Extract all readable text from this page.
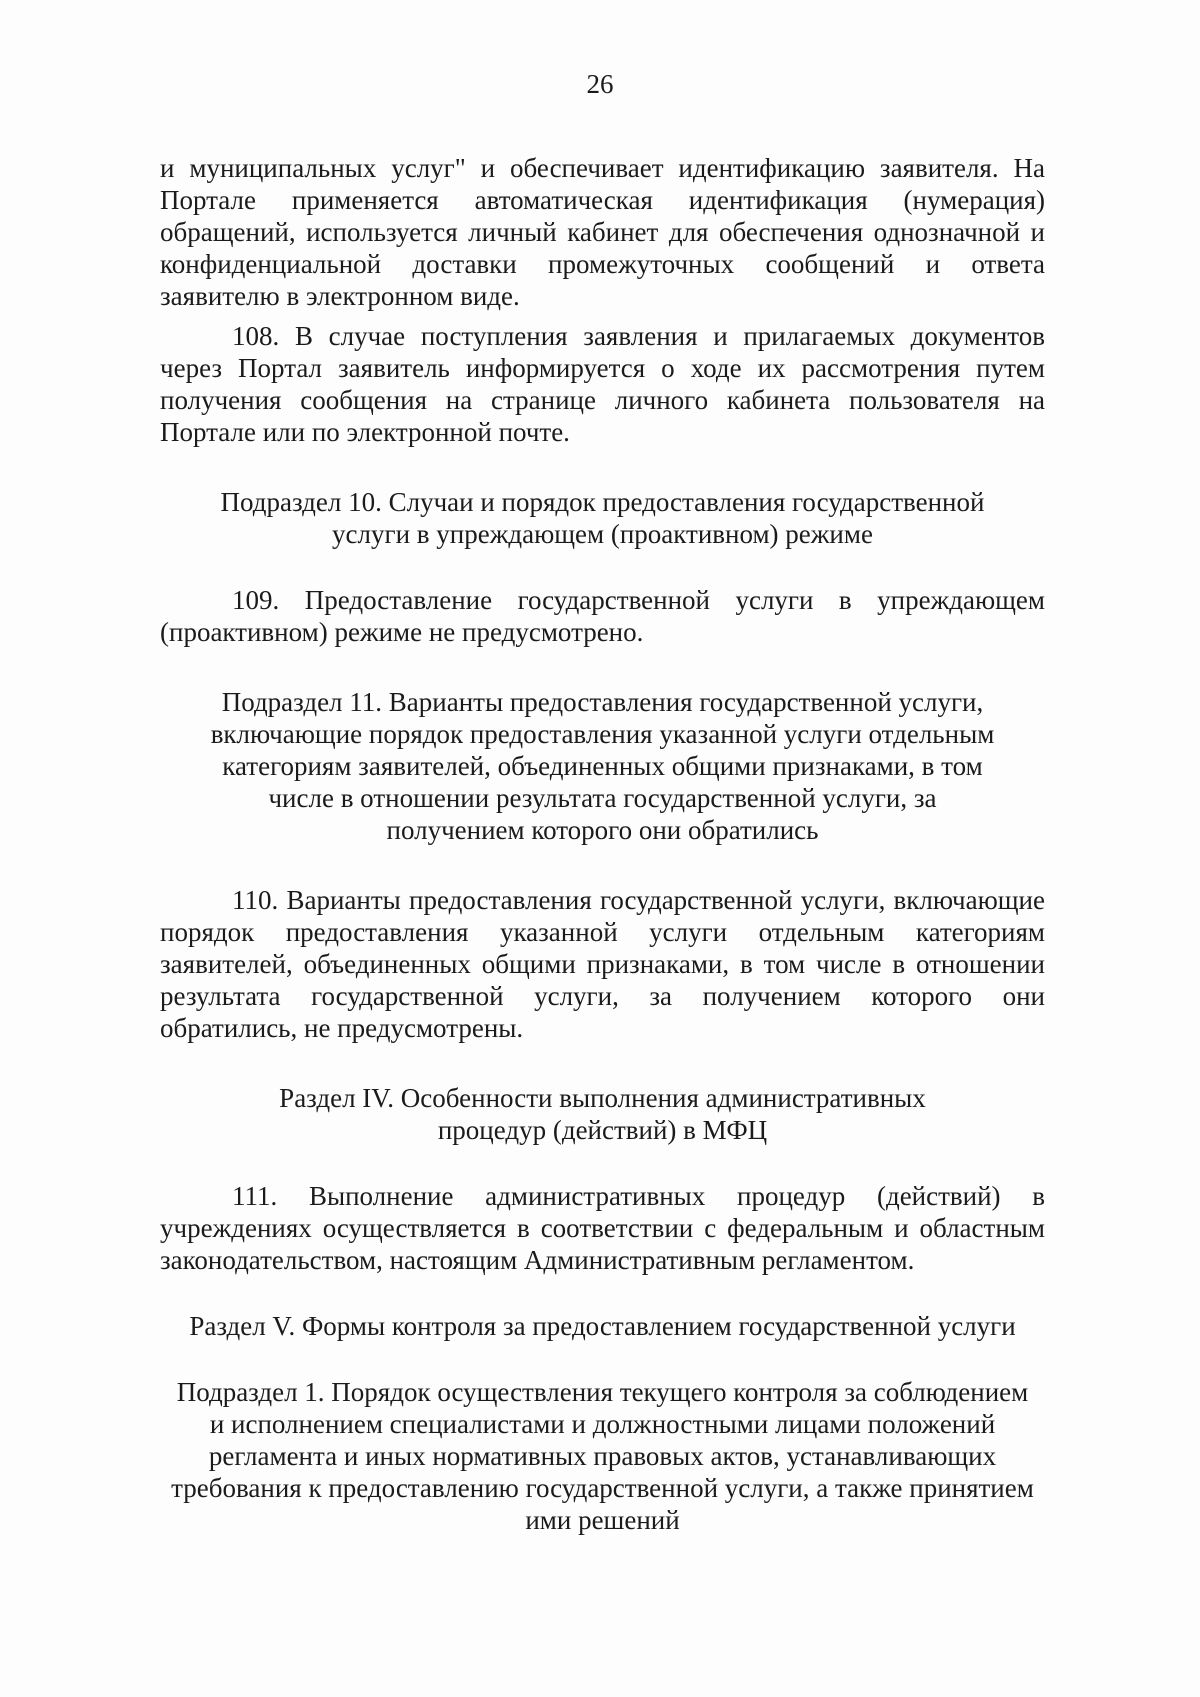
26

и муниципальных услуг" и обеспечивает идентификацию заявителя. На Портале применяется автоматическая идентификация (нумерация) обращений, используется личный кабинет для обеспечения однозначной и конфиденциальной доставки промежуточных сообщений и ответа заявителю в электронном виде.

108. В случае поступления заявления и прилагаемых документов через Портал заявитель информируется о ходе их рассмотрения путем получения сообщения на странице личного кабинета пользователя на Портале или по электронной почте.

Подраздел 10. Случаи и порядок предоставления государственной услуги в упреждающем (проактивном) режиме

109. Предоставление государственной услуги в упреждающем (проактивном) режиме не предусмотрено.

Подраздел 11. Варианты предоставления государственной услуги, включающие порядок предоставления указанной услуги отдельным категориям заявителей, объединенных общими признаками, в том числе в отношении результата государственной услуги, за получением которого они обратились

110. Варианты предоставления государственной услуги, включающие порядок предоставления указанной услуги отдельным категориям заявителей, объединенных общими признаками, в том числе в отношении результата государственной услуги, за получением которого они обратились, не предусмотрены.

Раздел IV. Особенности выполнения административных процедур (действий) в МФЦ

111. Выполнение административных процедур (действий) в учреждениях осуществляется в соответствии с федеральным и областным законодательством, настоящим Административным регламентом.

Раздел V. Формы контроля за предоставлением государственной услуги

Подраздел 1. Порядок осуществления текущего контроля за соблюдением и исполнением специалистами и должностными лицами положений регламента и иных нормативных правовых актов, устанавливающих требования к предоставлению государственной услуги, а также принятием ими решений
